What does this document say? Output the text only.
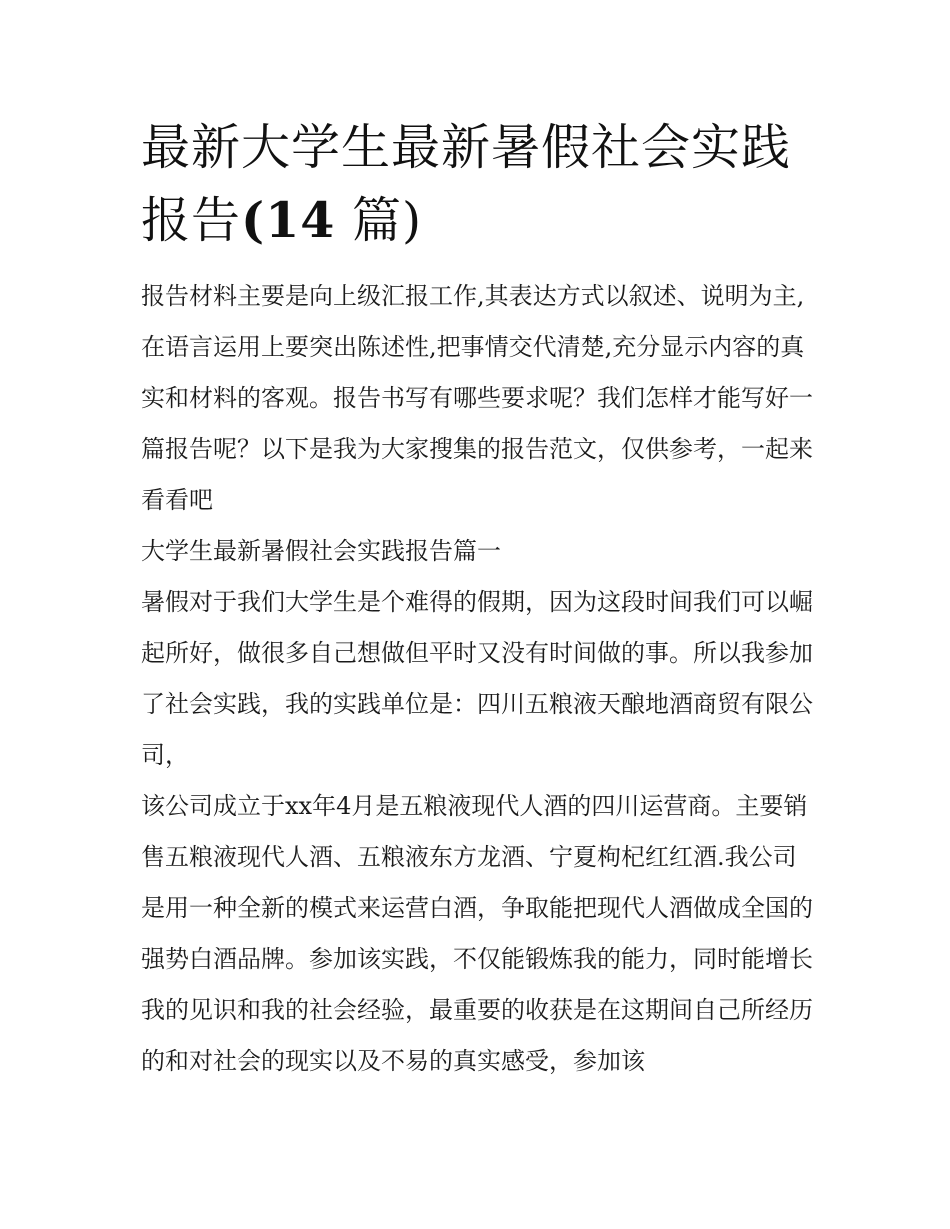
最新大学生最新暑假社会实践报告(14 篇)

报告材料主要是向上级汇报工作,其表达方式以叙述、说明为主,在语言运用上要突出陈述性,把事情交代清楚,充分显示内容的真实和材料的客观。报告书写有哪些要求呢？我们怎样才能写好一篇报告呢？以下是我为大家搜集的报告范文，仅供参考，一起来看看吧

大学生最新暑假社会实践报告篇一

暑假对于我们大学生是个难得的假期，因为这段时间我们可以崛起所好，做很多自己想做但平时又没有时间做的事。所以我参加了社会实践，我的实践单位是：四川五粮液天酿地酒商贸有限公司，

该公司成立于xx年4月是五粮液现代人酒的四川运营商。主要销售五粮液现代人酒、五粮液东方龙酒、宁夏枸杞红红酒.我公司是用一种全新的模式来运营白酒，争取能把现代人酒做成全国的强势白酒品牌。参加该实践，不仅能锻炼我的能力，同时能增长我的见识和我的社会经验，最重要的收获是在这期间自己所经历的和对社会的现实以及不易的真实感受，参加该
